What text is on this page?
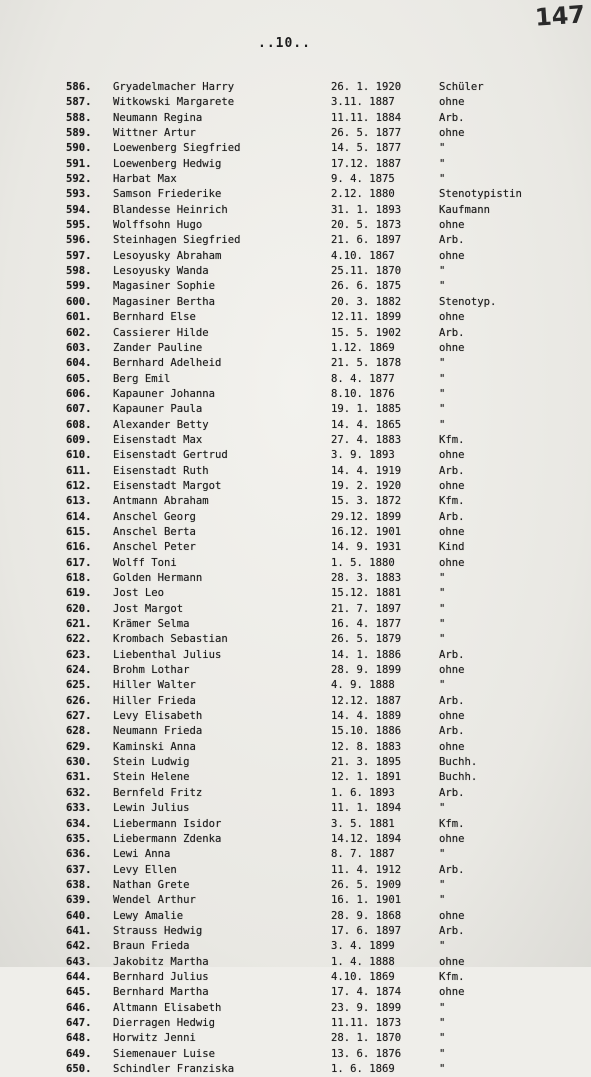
147
..10..
586. Gryadelmacher Harry	26. 1. 1920	Schüler
587. Witkowski Margarete	3.11. 1887	ohne
588. Neumann Regina	11.11. 1884	Arb.
589. Wittner Artur	26. 5. 1877	ohne
590. Loewenberg Siegfried	14. 5. 1877	"
591. Loewenberg Hedwig	17.12. 1887	"
592. Harbat Max	9. 4. 1875	"
593. Samson Friederike	2.12. 1880	Stenotypistin
594. Blandesse Heinrich	31. 1. 1893	Kaufmann
595. Wolffsohn Hugo	20. 5. 1873	ohne
596. Steinhagen Siegfried	21. 6. 1897	Arb.
597. Lesoyusky Abraham	4.10. 1867	ohne
598. Lesoyusky Wanda	25.11. 1870	"
599. Magasiner Sophie	26. 6. 1875	"
600. Magasiner Bertha	20. 3. 1882	Stenotyp.
601. Bernhard Else	12.11. 1899	ohne
602. Cassierer Hilde	15. 5. 1902	Arb.
603. Zander Pauline	1.12. 1869	ohne
604. Bernhard Adelheid	21. 5. 1878	"
605. Berg Emil	8. 4. 1877	"
606. Kapauner Johanna	8.10. 1876	"
607. Kapauner Paula	19. 1. 1885	"
608. Alexander Betty	14. 4. 1865	"
609. Eisenstadt Max	27. 4. 1883	Kfm.
610. Eisenstadt Gertrud	3. 9. 1893	ohne
611. Eisenstadt Ruth	14. 4. 1919	Arb.
612. Eisenstadt Margot	19. 2. 1920	ohne
613. Antmann Abraham	15. 3. 1872	Kfm.
614. Anschel Georg	29.12. 1899	Arb.
615. Anschel Berta	16.12. 1901	ohne
616. Anschel Peter	14. 9. 1931	Kind
617. Wolff Toni	1. 5. 1880	ohne
618. Golden Hermann	28. 3. 1883	"
619. Jost Leo	15.12. 1881	"
620. Jost Margot	21. 7. 1897	"
621. Krämer Selma	16. 4. 1877	"
622. Krombach Sebastian	26. 5. 1879	"
623. Liebenthal Julius	14. 1. 1886	Arb.
624. Brohm Lothar	28. 9. 1899	ohne
625. Hiller Walter	4. 9. 1888	"
626. Hiller Frieda	12.12. 1887	Arb.
627. Levy Elisabeth	14. 4. 1889	ohne
628. Neumann Frieda	15.10. 1886	Arb.
629. Kaminski Anna	12. 8. 1883	ohne
630. Stein Ludwig	21. 3. 1895	Buchh.
631. Stein Helene	12. 1. 1891	Buchh.
632. Bernfeld Fritz	1. 6. 1893	Arb.
633. Lewin Julius	11. 1. 1894	"
634. Liebermann Isidor	3. 5. 1881	Kfm.
635. Liebermann Zdenka	14.12. 1894	ohne
636. Lewi Anna	8. 7. 1887	"
637. Levy Ellen	11. 4. 1912	Arb.
638. Nathan Grete	26. 5. 1909	"
639. Wendel Arthur	16. 1. 1901	"
640. Lewy Amalie	28. 9. 1868	ohne
641. Strauss Hedwig	17. 6. 1897	Arb.
642. Braun Frieda	3. 4. 1899	"
643. Jakobitz Martha	1. 4. 1888	ohne
644. Bernhard Julius	4.10. 1869	Kfm.
645. Bernhard Martha	17. 4. 1874	ohne
646. Altmann Elisabeth	23. 9. 1899	"
647. Dierragen Hedwig	11.11. 1873	"
648. Horwitz Jenni	28. 1. 1870	"
649. Siemenauer Luise	13. 6. 1876	"
650. Schindler Franziska	1. 6. 1869	"
